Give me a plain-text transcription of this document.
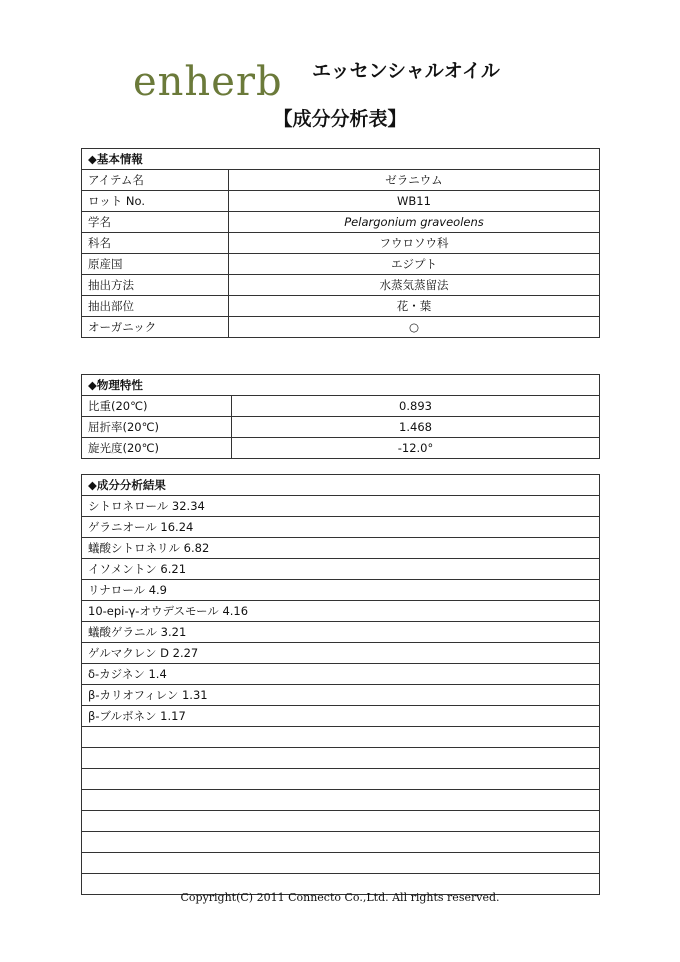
enherb エッセンシャルオイル
【成分分析表】
◆基本情報	
アイテム名	ゼラニウム
ロット No.	WB11
学名	Pelargonium graveolens
科名	フウロソウ科
原産国	エジプト
抽出方法	水蒸気蒸留法
抽出部位	花・葉
オーガニック	○
◆物理特性	
比重(20℃)	0.893
屈折率(20℃)	1.468
旋光度(20℃)	-12.0°
◆成分分析結果
シトロネロール 32.34
ゲラニオール 16.24
蟻酸シトロネリル 6.82
イソメントン 6.21
リナロール 4.9
10-epi-γ-オウデスモール 4.16
蟻酸ゲラニル 3.21
ゲルマクレン D 2.27
δ-カジネン 1.4
β-カリオフィレン 1.31
β-ブルボネン 1.17

Copyright(C) 2011 Connecto Co.,Ltd. All rights reserved.
